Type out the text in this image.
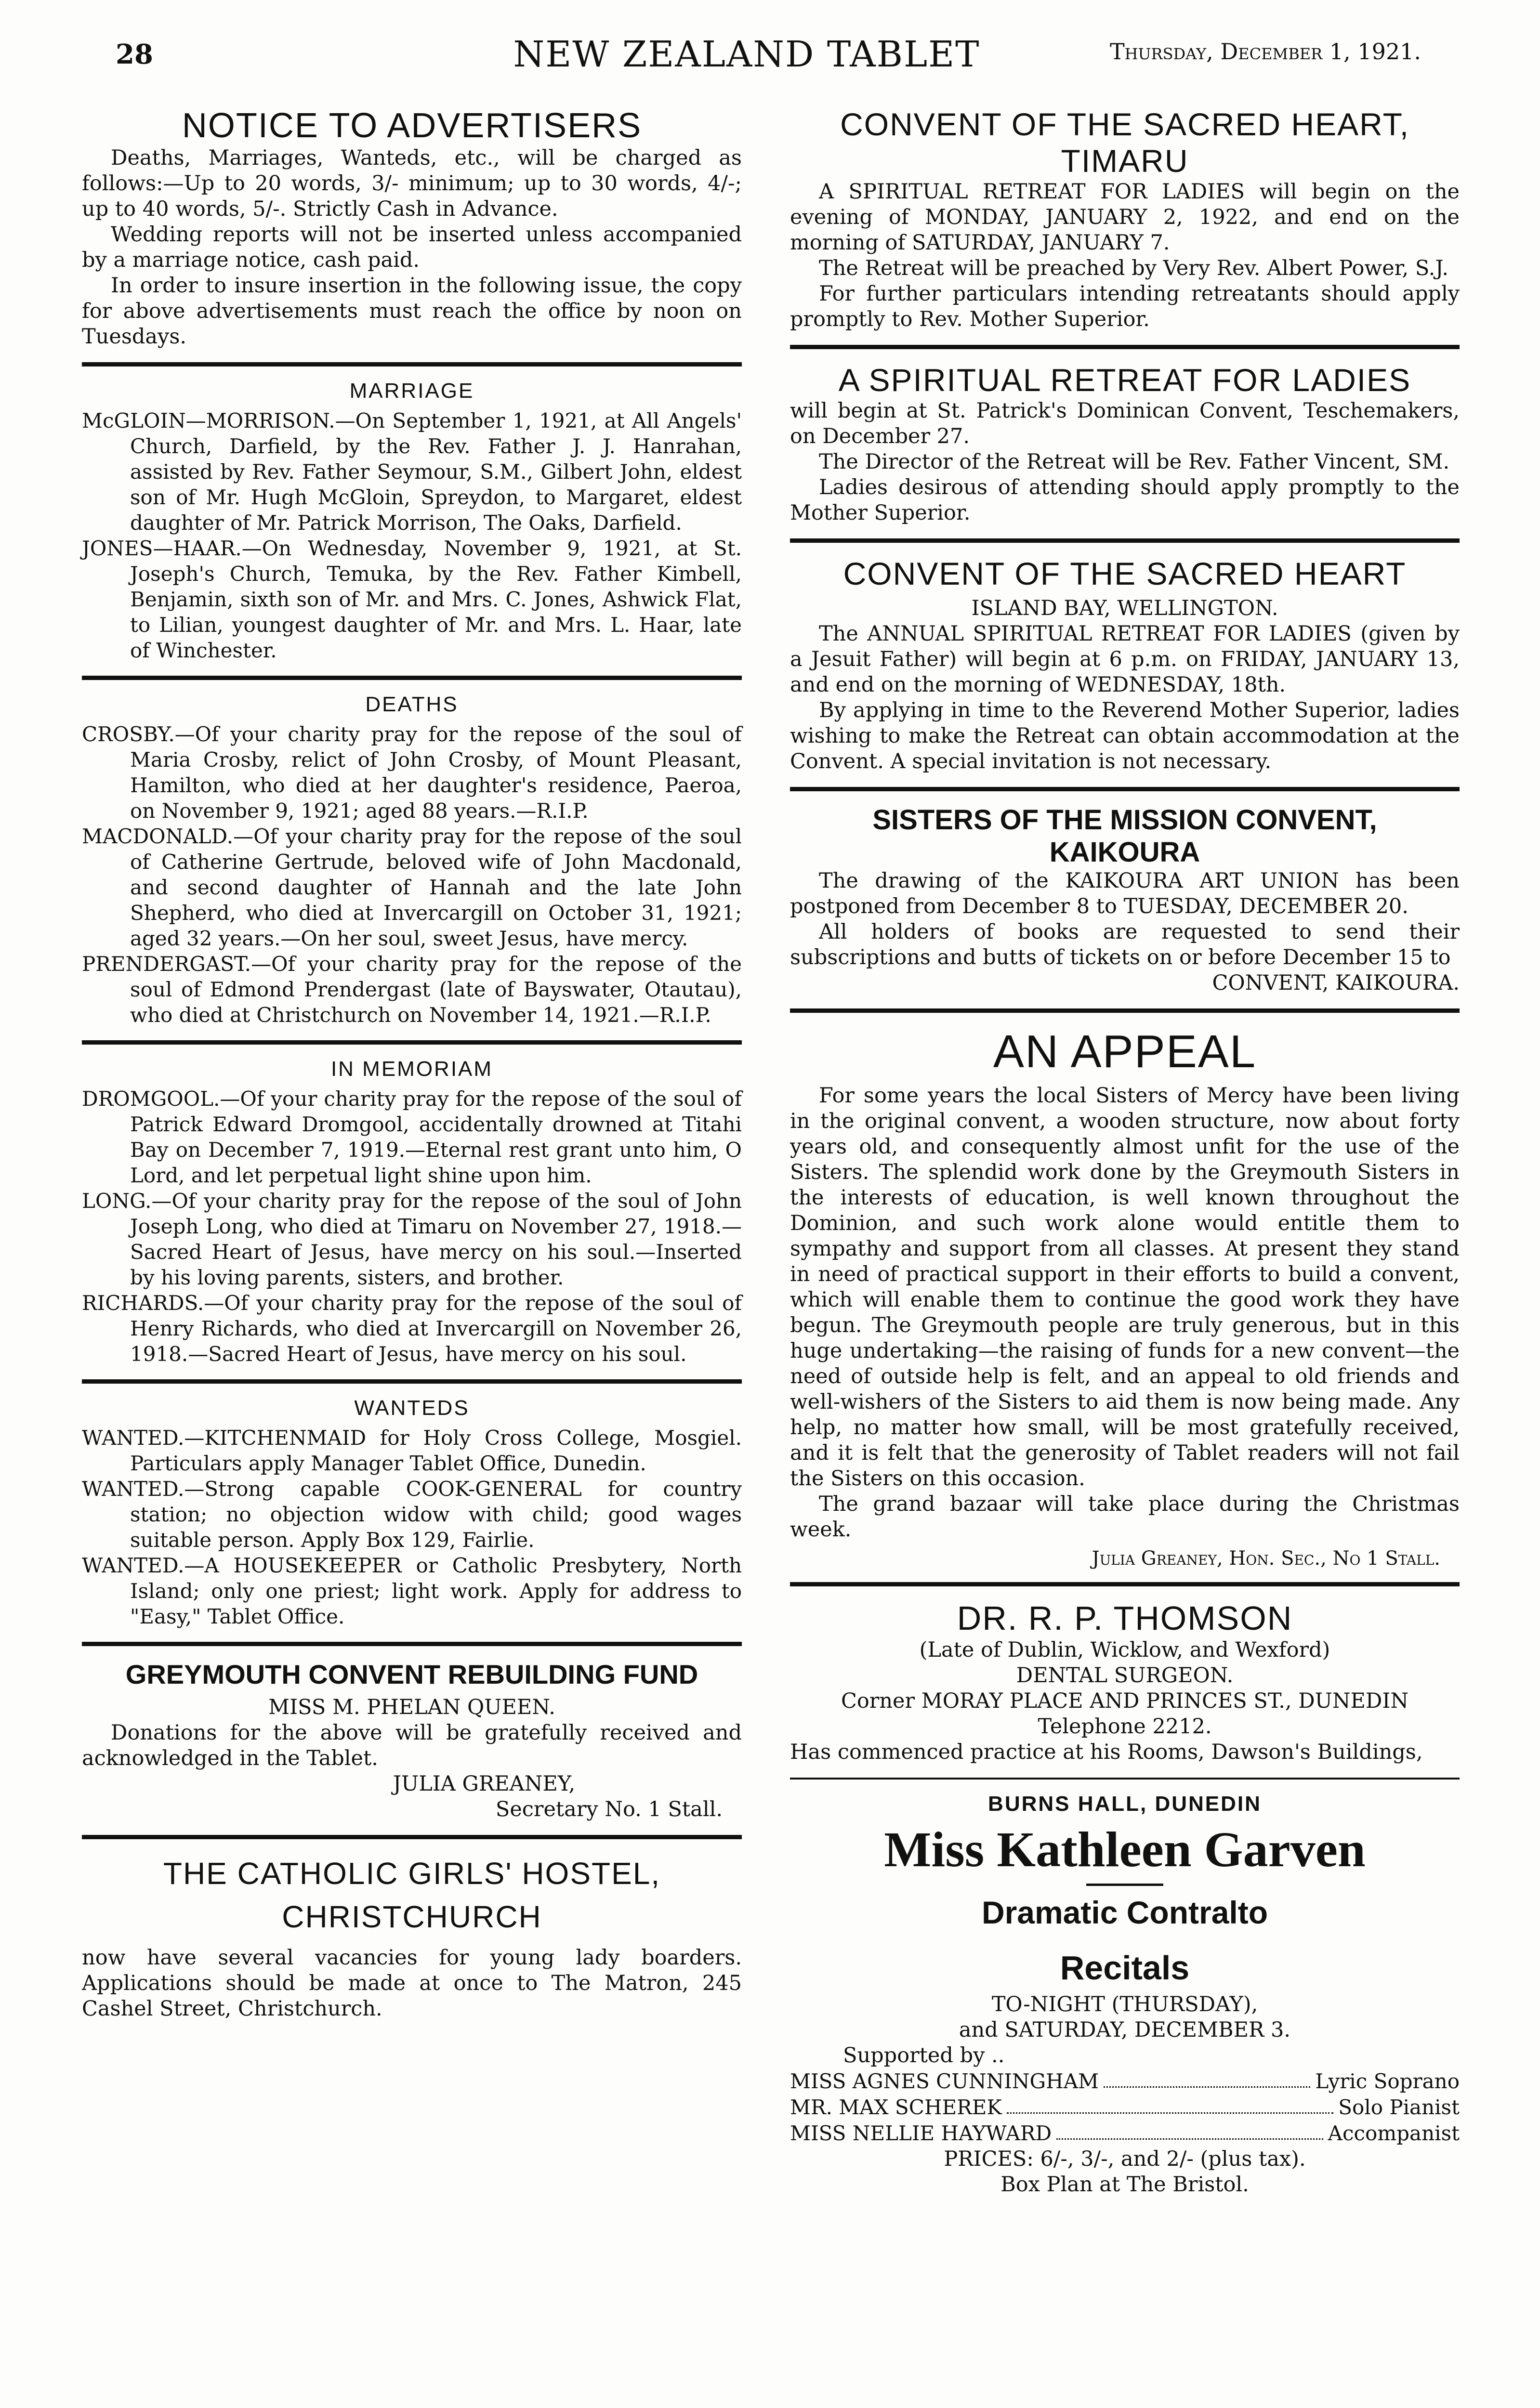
28	NEW ZEALAND TABLET	Thursday, December 1, 1921.
NOTICE TO ADVERTISERS

Deaths, Marriages, Wanteds, etc., will be charged as follows:—Up to 20 words, 3/- minimum; up to 30 words, 4/-; up to 40 words, 5/-. Strictly Cash in Advance.

Wedding reports will not be inserted unless accompanied by a marriage notice, cash paid.

In order to insure insertion in the following issue, the copy for above advertisements must reach the office by noon on Tuesdays.

MARRIAGE

McGLOIN—MORRISON.—On September 1, 1921, at All Angels' Church, Darfield, by the Rev. Father J. J. Hanrahan, assisted by Rev. Father Seymour, S.M., Gilbert John, eldest son of Mr. Hugh McGloin, Spreydon, to Margaret, eldest daughter of Mr. Patrick Morrison, The Oaks, Darfield.

JONES—HAAR.—On Wednesday, November 9, 1921, at St. Joseph's Church, Temuka, by the Rev. Father Kimbell, Benjamin, sixth son of Mr. and Mrs. C. Jones, Ashwick Flat, to Lilian, youngest daughter of Mr. and Mrs. L. Haar, late of Winchester.

DEATHS

CROSBY.—Of your charity pray for the repose of the soul of Maria Crosby, relict of John Crosby, of Mount Pleasant, Hamilton, who died at her daughter's residence, Paeroa, on November 9, 1921; aged 88 years.—R.I.P.

MACDONALD.—Of your charity pray for the repose of the soul of Catherine Gertrude, beloved wife of John Macdonald, and second daughter of Hannah and the late John Shepherd, who died at Invercargill on October 31, 1921; aged 32 years.—On her soul, sweet Jesus, have mercy.

PRENDERGAST.—Of your charity pray for the repose of the soul of Edmond Prendergast (late of Bayswater, Otautau), who died at Christchurch on November 14, 1921.—R.I.P.

IN MEMORIAM

DROMGOOL.—Of your charity pray for the repose of the soul of Patrick Edward Dromgool, accidentally drowned at Titahi Bay on December 7, 1919.—Eternal rest grant unto him, O Lord, and let perpetual light shine upon him.

LONG.—Of your charity pray for the repose of the soul of John Joseph Long, who died at Timaru on November 27, 1918.—Sacred Heart of Jesus, have mercy on his soul.—Inserted by his loving parents, sisters, and brother.

RICHARDS.—Of your charity pray for the repose of the soul of Henry Richards, who died at Invercargill on November 26, 1918.—Sacred Heart of Jesus, have mercy on his soul.

WANTEDS

WANTED.—KITCHENMAID for Holy Cross College, Mosgiel. Particulars apply Manager Tablet Office, Dunedin.

WANTED.—Strong capable COOK-GENERAL for country station; no objection widow with child; good wages suitable person. Apply Box 129, Fairlie.

WANTED.—A HOUSEKEEPER or Catholic Presbytery, North Island; only one priest; light work. Apply for address to "Easy," Tablet Office.

GREYMOUTH CONVENT REBUILDING FUND

MISS M. PHELAN QUEEN.

Donations for the above will be gratefully received and acknowledged in the Tablet.

JULIA GREANEY,

Secretary No. 1 Stall.

THE CATHOLIC GIRLS' HOSTEL,
CHRISTCHURCH

now have several vacancies for young lady boarders. Applications should be made at once to The Matron, 245 Cashel Street, Christchurch.

CONVENT OF THE SACRED HEART,
TIMARU

A SPIRITUAL RETREAT FOR LADIES will begin on the evening of MONDAY, JANUARY 2, 1922, and end on the morning of SATURDAY, JANUARY 7.

The Retreat will be preached by Very Rev. Albert Power, S.J.

For further particulars intending retreatants should apply promptly to Rev. Mother Superior.

A SPIRITUAL RETREAT FOR LADIES

will begin at St. Patrick's Dominican Convent, Teschemakers, on December 27.

The Director of the Retreat will be Rev. Father Vincent, SM.

Ladies desirous of attending should apply promptly to the Mother Superior.

CONVENT OF THE SACRED HEART

ISLAND BAY, WELLINGTON.

The ANNUAL SPIRITUAL RETREAT FOR LADIES (given by a Jesuit Father) will begin at 6 p.m. on FRIDAY, JANUARY 13, and end on the morning of WEDNESDAY, 18th.

By applying in time to the Reverend Mother Superior, ladies wishing to make the Retreat can obtain accommodation at the Convent. A special invitation is not necessary.

SISTERS OF THE MISSION CONVENT,
KAIKOURA

The drawing of the KAIKOURA ART UNION has been postponed from December 8 to TUESDAY, DECEMBER 20.

All holders of books are requested to send their subscriptions and butts of tickets on or before December 15 to

CONVENT, KAIKOURA.

AN APPEAL

For some years the local Sisters of Mercy have been living in the original convent, a wooden structure, now about forty years old, and consequently almost unfit for the use of the Sisters. The splendid work done by the Greymouth Sisters in the interests of education, is well known throughout the Dominion, and such work alone would entitle them to sympathy and support from all classes. At present they stand in need of practical support in their efforts to build a convent, which will enable them to continue the good work they have begun. The Greymouth people are truly generous, but in this huge undertaking—the raising of funds for a new convent—the need of outside help is felt, and an appeal to old friends and well-wishers of the Sisters to aid them is now being made. Any help, no matter how small, will be most gratefully received, and it is felt that the generosity of Tablet readers will not fail the Sisters on this occasion.

The grand bazaar will take place during the Christmas week.

Julia Greaney, Hon. Sec., No 1 Stall.
DR. R. P. THOMSON

(Late of Dublin, Wicklow, and Wexford)

DENTAL SURGEON.

Corner MORAY PLACE AND PRINCES ST., DUNEDIN

Telephone 2212.

Has commenced practice at his Rooms, Dawson's Buildings,

BURNS HALL, DUNEDIN
Miss Kathleen Garven
Dramatic Contralto
Recitals

TO-NIGHT (THURSDAY),

and SATURDAY, DECEMBER 3.

Supported by ..

MISS AGNES CUNNINGHAM	Lyric Soprano
MR. MAX SCHEREK	Solo Pianist
MISS NELLIE HAYWARD	Accompanist

PRICES: 6/-, 3/-, and 2/- (plus tax).

Box Plan at The Bristol.
